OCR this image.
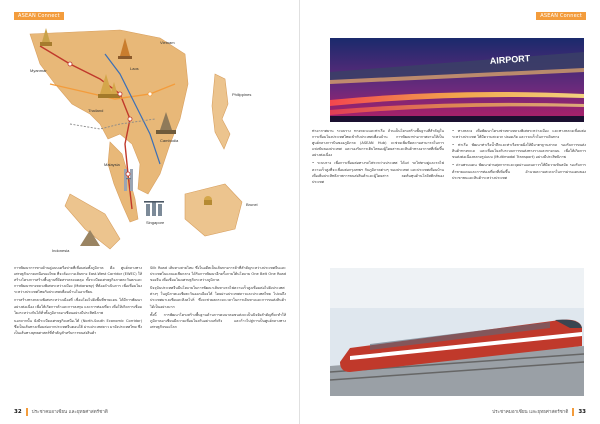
ASEAN Connect
Myanmar
Vietnam
Laos
Thailand
Cambodia
Philippines
Malaysia
Singapore
Brunei
Indonesia

การพัฒนาการทางด้านคู่แบบเครือข่ายที่เชื่อมต่อทั้งภูมิภาค คือ ศูนย์กลางทางเศรษฐกิจภาคเหนือของไทย ที่จะต้องวางเส้นทาง East-West Corridor (EWEC) ให้สร้างโครงการสร้างพื้นฐานที่จัดสรรครอบคลุม ทั้งระเบียงเศรษฐกิจภาคตะวันตกและการพัฒนาทางหลวงพิเศษระหว่างเมือง (Motorway) ที่ต้องดำเนินการ เพื่อเชื่อมโยงระหว่างประเทศไทยกับประเทศเพื่อนบ้านในอาเซียน

การสร้างทางหลวงพิเศษระหว่างเมืองที่ เชื่อมโยงไปยังพื้นที่ชายแดน ได้มีการพัฒนาอย่างต่อเนื่อง เพื่อให้เกิดการค้าและการลงทุน และการท่องเที่ยว เพื่อให้เกิดการเชื่อมโยงระหว่างกันได้ทั่วทั้งภูมิภาคอาเซียนอย่างมีประสิทธิภาพ

นอกจากนั้น ยังมีระเบียงเศรษฐกิจเหนือ-ใต้ (North-South Economic Corridor) ซึ่งเป็นเส้นทางเชื่อมต่อจากประเทศจีนตอนใต้ ผ่านประเทศลาว มายังประเทศไทย ซึ่งเป็นเส้นทางยุทธศาสตร์ที่สำคัญสำหรับการขนส่งสินค้า

Silk Road เส้นทางสายไหม ซึ่งในอดีตเป็นเส้นทางการค้าที่สำคัญระหว่างประเทศจีนและประเทศในแถบเอเชียกลาง ได้รับการพัฒนาอีกครั้งภายใต้นโยบาย One Belt One Road ของจีน เพื่อเชื่อมโยงเศรษฐกิจระหว่างภูมิภาค

ปัจจุบันประเทศจีนมีนโยบายในการพัฒนาเส้นทางรถไฟความเร็วสูงเชื่อมต่อไปยังประเทศต่างๆ ในภูมิภาคเอเชียตะวันออกเฉียงใต้ โดยผ่านประเทศลาวและประเทศไทย ไปจนถึงประเทศมาเลเซียและสิงคโปร์ ซึ่งจะช่วยลดระยะเวลาในการเดินทางและการขนส่งสินค้าได้เป็นอย่างมาก

ทั้งนี้ การพัฒนาโครงสร้างพื้นฐานด้านการคมนาคมขนส่งจะเป็นปัจจัยสำคัญที่จะทำให้ภูมิภาคอาเซียนมีความเชื่อมโยงกันอย่างแท้จริง และก้าวไปสู่การเป็นศูนย์กลางทางเศรษฐกิจของโลก

32 ประชาคมอาเซียน และยุทธศาสตร์ชาติ
ASEAN Connect
AIRPORT

ท่าอากาศยาน ระบบราง ทางหลวงและท่าเรือ ล้วนเป็นโครงสร้างพื้นฐานที่สำคัญในการเชื่อมโยงประเทศไทยเข้ากับประเทศเพื่อนบ้าน การพัฒนาท่าอากาศยานให้เป็นศูนย์กลางการบินของภูมิภาค (ASEAN Hub) จะช่วยเพิ่มขีดความสามารถในการแข่งขันของประเทศ และรองรับการเติบโตของผู้โดยสารและสินค้าทางอากาศที่เพิ่มขึ้นอย่างต่อเนื่อง

• ระบบราง เพื่อการเชื่อมต่อทางรถไฟระหว่างประเทศ ได้แก่ รถไฟทางคู่และรถไฟความเร็วสูงที่จะเชื่อมต่อกรุงเทพฯ กับภูมิภาคต่างๆ ของประเทศ และประเทศเพื่อนบ้าน เพื่อเพิ่มประสิทธิภาพการขนส่งสินค้าและผู้โดยสาร ลดต้นทุนด้านโลจิสติกส์ของประเทศ

• ทางหลวง เพื่อพัฒนาโครงข่ายทางหลวงพิเศษระหว่างเมือง และทางหลวงเชื่อมต่อระหว่างประเทศ ให้มีความสะดวก ปลอดภัย และรวดเร็วในการเดินทาง

• ท่าเรือ พัฒนาท่าเรือน้ำลึกและท่าเรือชายฝั่งให้มีมาตรฐานสากล รองรับการขนส่งสินค้าทางทะเล และเชื่อมโยงกับระบบการขนส่งทางรางและทางถนน เพื่อให้เกิดการขนส่งต่อเนื่องหลายรูปแบบ (Multimodal Transport) อย่างมีประสิทธิภาพ

• ด่านพรมแดน พัฒนาด่านศุลกากรและจุดผ่านแดนถาวรให้มีความทันสมัย รองรับการค้าชายแดนและการท่องเที่ยวที่เพิ่มขึ้น อำนวยความสะดวกในการผ่านแดนของประชาชนและสินค้าระหว่างประเทศ

ประชาคมอาเซียน และยุทธศาสตร์ชาติ 33
